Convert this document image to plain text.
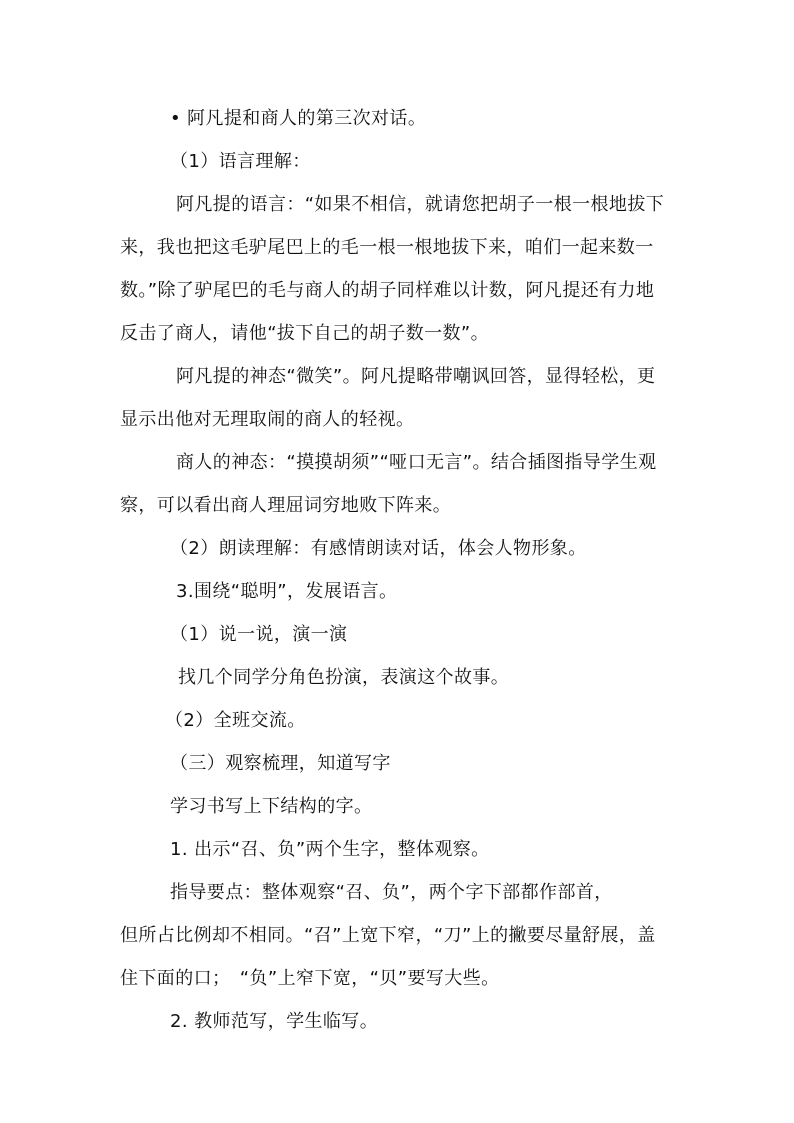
• 阿凡提和商人的第三次对话。
（1）语言理解：
阿凡提的语言：“如果不相信，就请您把胡子一根一根地拔下
来，我也把这毛驴尾巴上的毛一根一根地拔下来，咱们一起来数一
数。”除了驴尾巴的毛与商人的胡子同样难以计数，阿凡提还有力地
反击了商人，请他“拔下自己的胡子数一数”。
阿凡提的神态“微笑”。阿凡提略带嘲讽回答，显得轻松，更
显示出他对无理取闹的商人的轻视。
商人的神态：“摸摸胡须”“哑口无言”。结合插图指导学生观
察，可以看出商人理屈词穷地败下阵来。
（2）朗读理解：有感情朗读对话，体会人物形象。
3.围绕“聪明”，发展语言。
（1）说一说，演一演
找几个同学分角色扮演，表演这个故事。
（2）全班交流。
（三）观察梳理，知道写字
学习书写上下结构的字。
1. 出示“召、负”两个生字，整体观察。
指导要点：整体观察“召、负”，两个字下部都作部首，
但所占比例却不相同。“召”上宽下窄，“刀”上的撇要尽量舒展，盖
住下面的口；　“负”上窄下宽，“贝”要写大些。
2. 教师范写，学生临写。
